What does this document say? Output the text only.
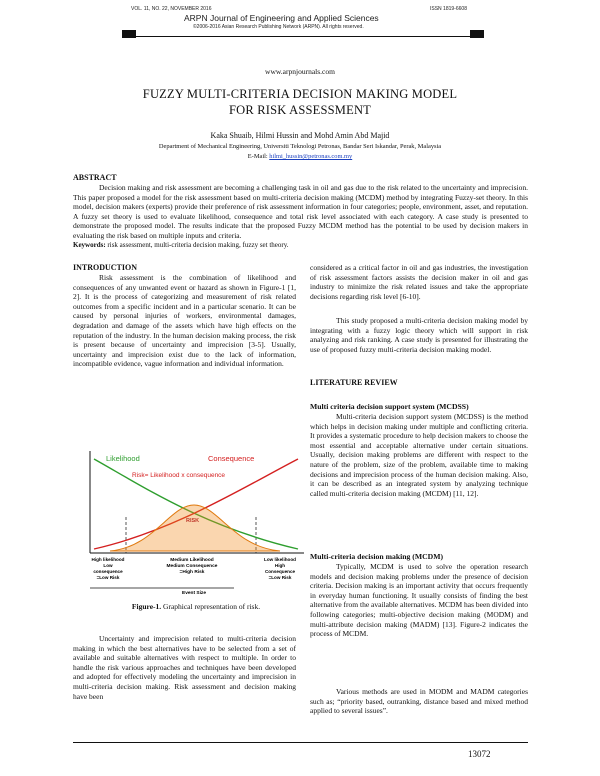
VOL. 11, NO. 22, NOVEMBER 2016	ISSN 1819-6608
ARPN Journal of Engineering and Applied Sciences
©2006-2016 Asian Research Publishing Network (ARPN). All rights reserved.
www.arpnjournals.com
FUZZY MULTI-CRITERIA DECISION MAKING MODEL
FOR RISK ASSESSMENT
Kaka Shuaib, Hilmi Hussin and Mohd Amin Abd Majid
Department of Mechanical Engineering, Universiti Teknologi Petronas, Bandar Seri Iskandar, Perak, Malaysia
E-Mail: hilmi_hussin@petronas.com.my
ABSTRACT
Decision making and risk assessment are becoming a challenging task in oil and gas due to the risk related to the uncertainty and imprecision. This paper proposed a model for the risk assessment based on multi-criteria decision making (MCDM) method by integrating Fuzzy-set theory. In this model, decision makers (experts) provide their preference of risk assessment information in four categories; people, environment, asset, and reputation. A fuzzy set theory is used to evaluate likelihood, consequence and total risk level associated with each category. A case study is presented to demonstrate the proposed model. The results indicate that the proposed Fuzzy MCDM method has the potential to be used by decision makers in evaluating the risk based on multiple inputs and criteria.
Keywords: risk assessment, multi-criteria decision making, fuzzy set theory.
INTRODUCTION
Risk assessment is the combination of likelihood and consequences of any unwanted event or hazard as shown in Figure-1 [1, 2]. It is the process of categorizing and measurement of risk related outcomes from a specific incident and in a particular scenario. It can be caused by personal injuries of workers, environmental damages, degradation and damage of the assets which have high effects on the reputation of the industry. In the human decision making process, the risk is present because of uncertainty and imprecision [3-5]. Usually, uncertainty and imprecision exist due to the lack of information, incompatible evidence, vague information and individual information.
Likelihood	Consequence
Risk= Likelihood x consequence
RISK
High likelihood
Low
consequence
=Low Risk
Medium Likelihood
Medium Consequence
=High Risk
Low likelihood
High
Consequence
=Low Risk
Event Size
Figure-1. Graphical representation of risk.
Uncertainty and imprecision related to multi-criteria decision making in which the best alternatives have to be selected from a set of available and suitable alternatives with respect to multiple. In order to handle the risk various approaches and techniques have been developed and adopted for effectively modeling the uncertainty and imprecision in multi-criteria decision making. Risk assessment and decision making have been
considered as a critical factor in oil and gas industries, the investigation of risk assessment factors assists the decision maker in oil and gas industry to minimize the risk related issues and take the appropriate decisions regarding risk level [6-10].
This study proposed a multi-criteria decision making model by integrating with a fuzzy logic theory which will support in risk analyzing and risk ranking. A case study is presented for illustrating the use of proposed fuzzy multi-criteria decision making model.
LITERATURE REVIEW
Multi criteria decision support system (MCDSS)
Multi-criteria decision support system (MCDSS) is the method which helps in decision making under multiple and conflicting criteria. It provides a systematic procedure to help decision makers to choose the most essential and acceptable alternative under certain situations. Usually, decision making problems are different with respect to the nature of the problem, size of the problem, available time to making decisions and imprecision process of the human decision making. Also, it can be described as an integrated system by analyzing technique called multi-criteria decision making (MCDM) [11, 12].
Multi-criteria decision making (MCDM)
Typically, MCDM is used to solve the operation research models and decision making problems under the presence of decision criteria. Decision making is an important activity that occurs frequently in everyday human functioning. It usually consists of finding the best alternative from the available alternatives. MCDM has been divided into following categories; multi-objective decision making (MODM) and multi-attribute decision making (MADM) [13]. Figure-2 indicates the process of MCDM.
Various methods are used in MODM and MADM categories such as; “priority based, outranking, distance based and mixed method applied to several issues”.
13072
